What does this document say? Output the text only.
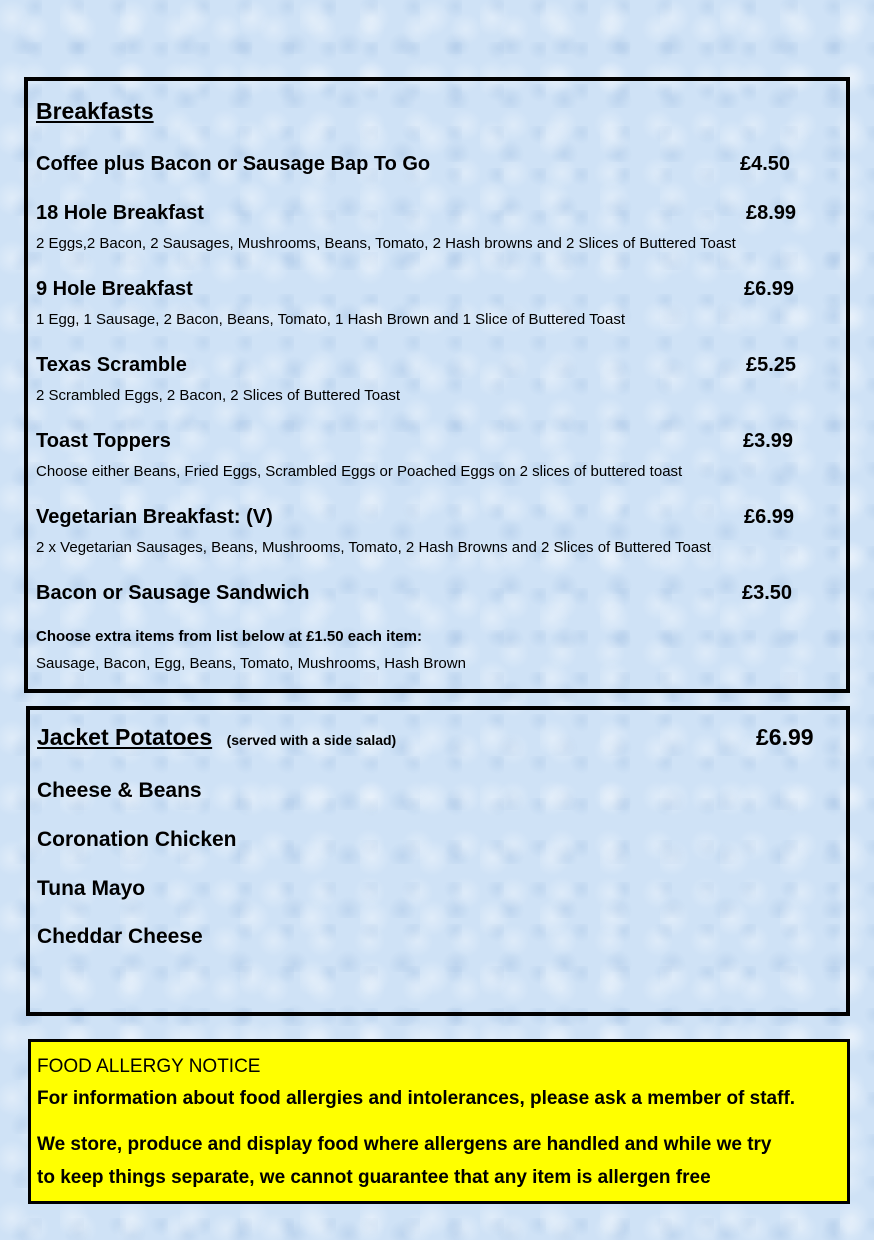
Breakfasts
Coffee plus Bacon or Sausage Bap To Go	£4.50
18 Hole Breakfast	£8.99
2 Eggs,2 Bacon, 2 Sausages, Mushrooms, Beans, Tomato, 2 Hash browns and 2 Slices of Buttered Toast
9 Hole Breakfast	£6.99
1 Egg, 1 Sausage, 2 Bacon, Beans, Tomato, 1 Hash Brown and 1 Slice of Buttered Toast
Texas Scramble	£5.25
2 Scrambled Eggs, 2 Bacon, 2 Slices of Buttered Toast
Toast Toppers	£3.99
Choose either Beans, Fried Eggs, Scrambled Eggs or Poached Eggs on 2 slices of buttered toast
Vegetarian Breakfast: (V)	£6.99
2 x Vegetarian Sausages, Beans, Mushrooms, Tomato, 2 Hash Browns and 2 Slices of Buttered Toast
Bacon or Sausage Sandwich	£3.50
Choose extra items from list below at £1.50 each item:
Sausage, Bacon, Egg, Beans, Tomato, Mushrooms, Hash Brown
Jacket Potatoes (served with a side salad)	£6.99
Cheese & Beans
Coronation Chicken
Tuna Mayo
Cheddar Cheese
FOOD ALLERGY NOTICE
For information about food allergies and intolerances, please ask a member of staff.
We store, produce and display food where allergens are handled and while we try
to keep things separate, we cannot guarantee that any item is allergen free
